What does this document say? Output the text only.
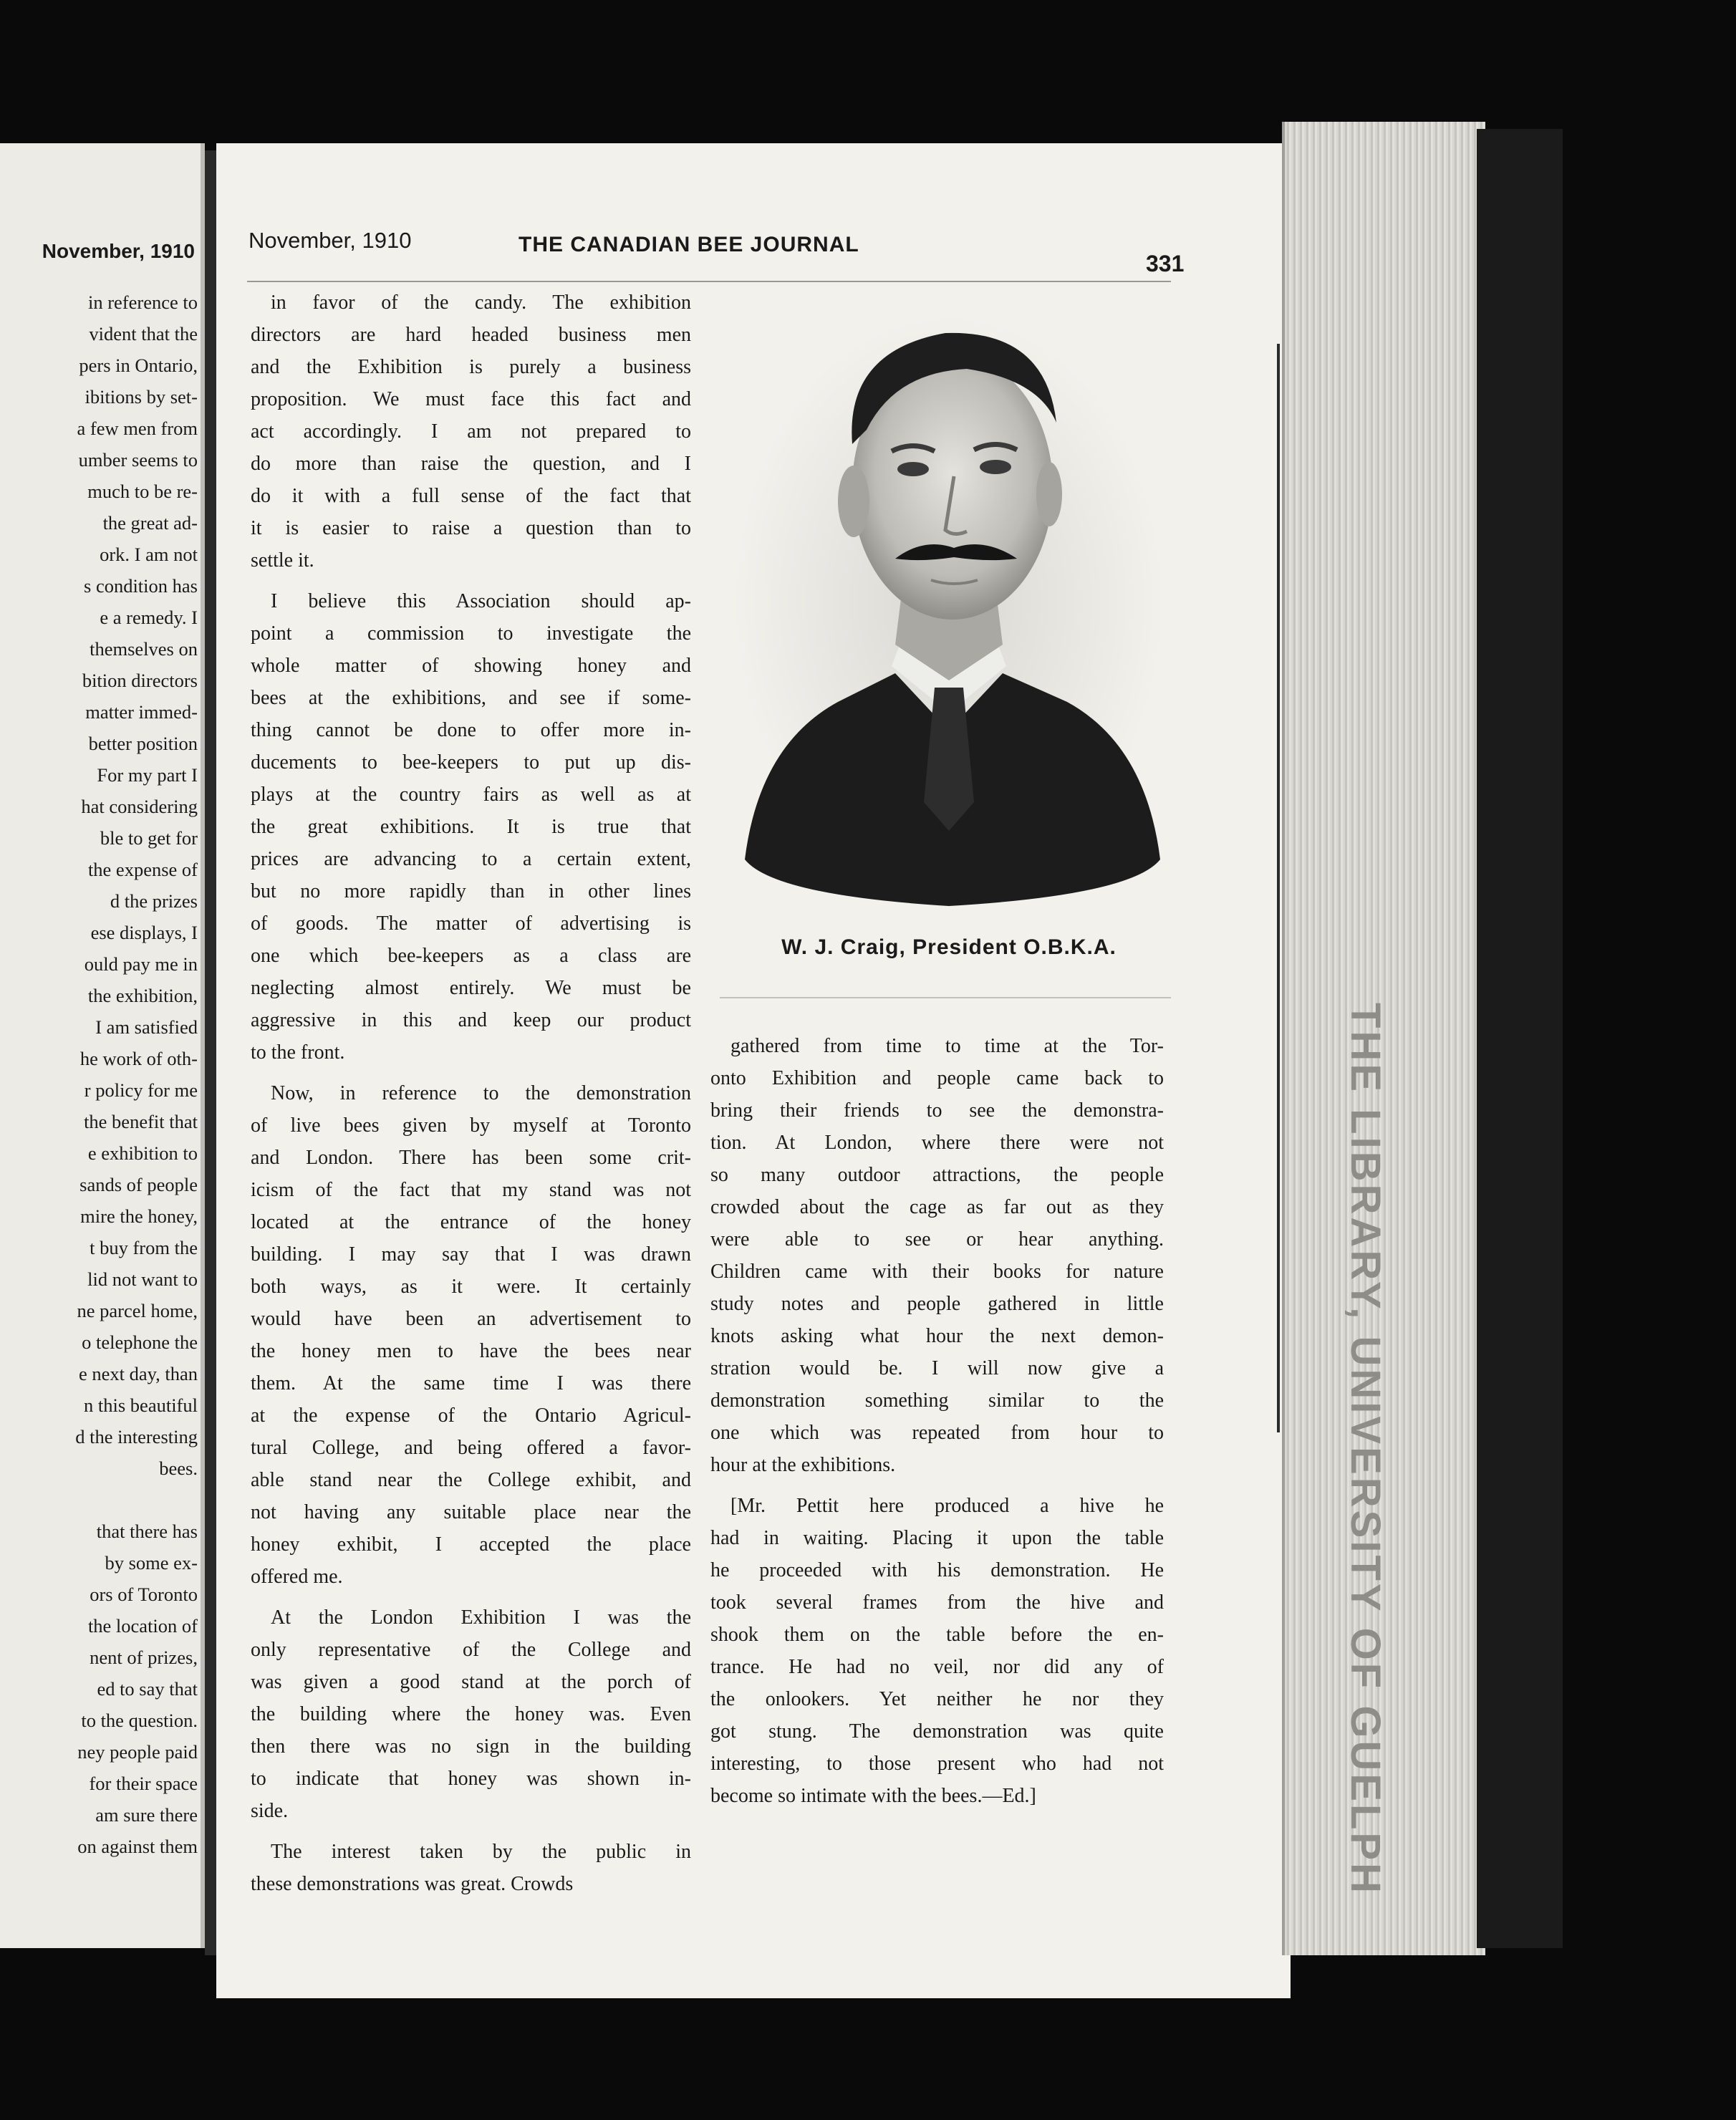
November, 1910
in reference to
vident that the
pers in Ontario,
ibitions by set-
a few men from
umber seems to
much to be re-
the great ad-
ork. I am not
s condition has
e a remedy. I
themselves on
bition directors
matter immed-
better position
For my part I
hat considering
ble to get for
the expense of
d the prizes
ese displays, I
ould pay me in
the exhibition,
I am satisfied
he work of oth-
r policy for me
the benefit that
e exhibition to
sands of people
mire the honey,
t buy from the
lid not want to
ne parcel home,
o telephone the
e next day, than
n this beautiful
d the interesting
bees.
that there has
by some ex-
ors of Toronto
the location of
nent of prizes,
ed to say that
to the question.
ney people paid
for their space
am sure there
on against them	THE LIBRARY, UNIVERSITY OF GUELPH
November, 1910	THE CANADIAN BEE JOURNAL
331
in favor of the candy. The exhibition
directors are hard headed business men
and the Exhibition is purely a business
proposition. We must face this fact and
act accordingly. I am not prepared to
do more than raise the question, and I
do it with a full sense of the fact that
it is easier to raise a question than to
settle it.
I believe this Association should ap-
point a commission to investigate the
whole matter of showing honey and
bees at the exhibitions, and see if some-
thing cannot be done to offer more in-
ducements to bee-keepers to put up dis-
plays at the country fairs as well as at
the great exhibitions. It is true that
prices are advancing to a certain extent,
but no more rapidly than in other lines
of goods. The matter of advertising is
one which bee-keepers as a class are
neglecting almost entirely. We must be
aggressive in this and keep our product
to the front.
Now, in reference to the demonstration
of live bees given by myself at Toronto
and London. There has been some crit-
icism of the fact that my stand was not
located at the entrance of the honey
building. I may say that I was drawn
both ways, as it were. It certainly
would have been an advertisement to
the honey men to have the bees near
them. At the same time I was there
at the expense of the Ontario Agricul-
tural College, and being offered a favor-
able stand near the College exhibit, and
not having any suitable place near the
honey exhibit, I accepted the place
offered me.
At the London Exhibition I was the
only representative of the College and
was given a good stand at the porch of
the building where the honey was. Even
then there was no sign in the building
to indicate that honey was shown in-
side.
The interest taken by the public in
these demonstrations was great. Crowds
W. J. Craig, President O.B.K.A.
gathered from time to time at the Tor-
onto Exhibition and people came back to
bring their friends to see the demonstra-
tion. At London, where there were not
so many outdoor attractions, the people
crowded about the cage as far out as they
were able to see or hear anything.
Children came with their books for nature
study notes and people gathered in little
knots asking what hour the next demon-
stration would be. I will now give a
demonstration something similar to the
one which was repeated from hour to
hour at the exhibitions.
[Mr. Pettit here produced a hive he
had in waiting. Placing it upon the table
he proceeded with his demonstration. He
took several frames from the hive and
shook them on the table before the en-
trance. He had no veil, nor did any of
the onlookers. Yet neither he nor they
got stung. The demonstration was quite
interesting, to those present who had not
become so intimate with the bees.—Ed.]
